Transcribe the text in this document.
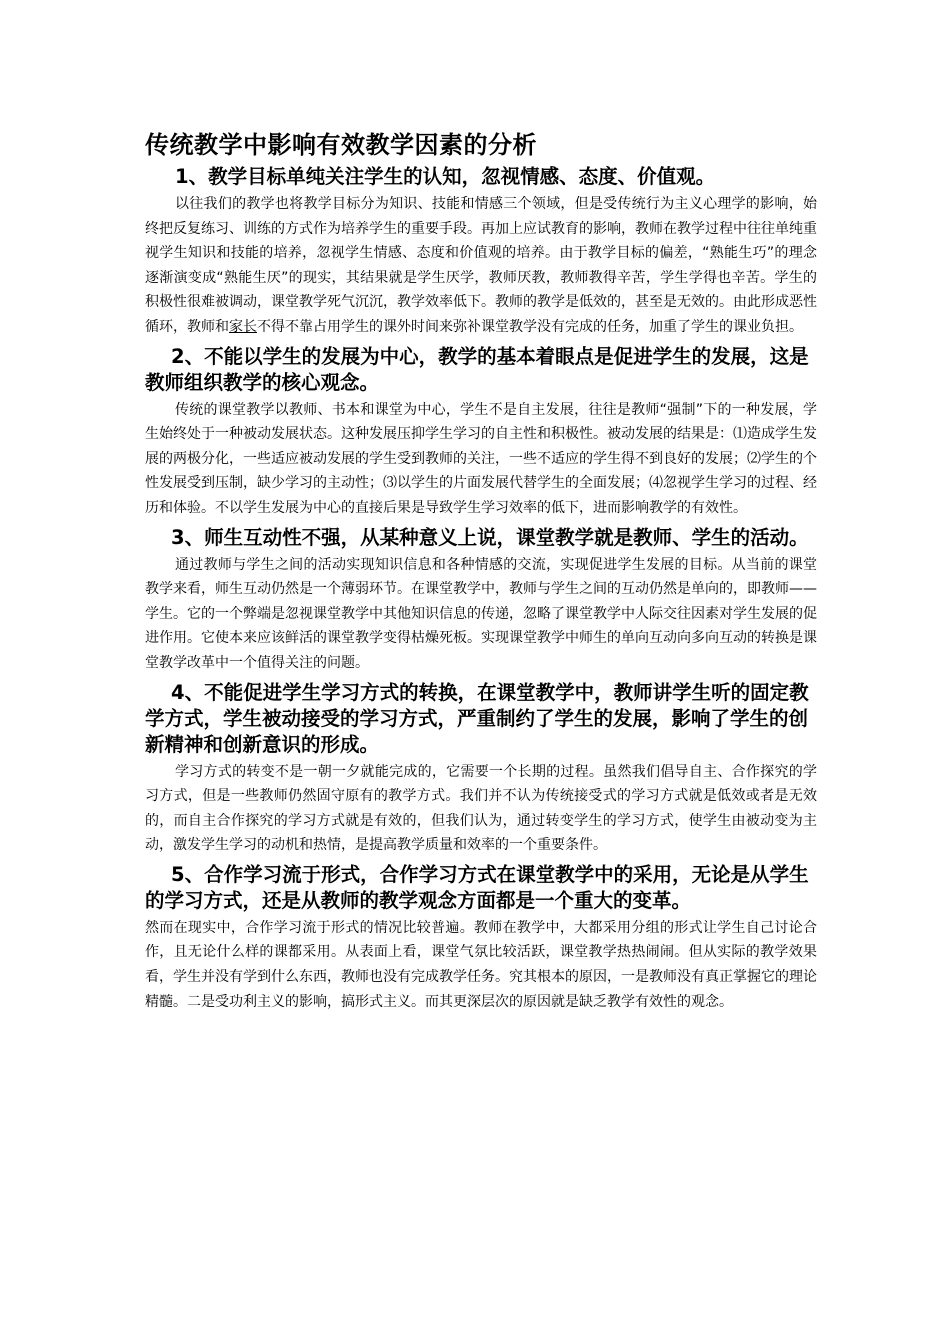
传统教学中影响有效教学因素的分析
1、教学目标单纯关注学生的认知，忽视情感、态度、价值观。

以往我们的教学也将教学目标分为知识、技能和情感三个领域，但是受传统行为主义心理学的影响，始终把反复练习、训练的方式作为培养学生的重要手段。再加上应试教育的影响，教师在教学过程中往往单纯重视学生知识和技能的培养，忽视学生情感、态度和价值观的培养。由于教学目标的偏差，“熟能生巧”的理念逐渐演变成“熟能生厌”的现实，其结果就是学生厌学，教师厌教，教师教得辛苦，学生学得也辛苦。学生的积极性很难被调动，课堂教学死气沉沉，教学效率低下。教师的教学是低效的，甚至是无效的。由此形成恶性循环，教师和家长不得不靠占用学生的课外时间来弥补课堂教学没有完成的任务，加重了学生的课业负担。

2、不能以学生的发展为中心，教学的基本着眼点是促进学生的发展，这是教师组织教学的核心观念。

传统的课堂教学以教师、书本和课堂为中心，学生不是自主发展，往往是教师“强制”下的一种发展，学生始终处于一种被动发展状态。这种发展压抑学生学习的自主性和积极性。被动发展的结果是：⑴造成学生发展的两极分化，一些适应被动发展的学生受到教师的关注，一些不适应的学生得不到良好的发展；⑵学生的个性发展受到压制，缺少学习的主动性；⑶以学生的片面发展代替学生的全面发展；⑷忽视学生学习的过程、经历和体验。不以学生发展为中心的直接后果是导致学生学习效率的低下，进而影响教学的有效性。

3、师生互动性不强，从某种意义上说，课堂教学就是教师、学生的活动。

通过教师与学生之间的活动实现知识信息和各种情感的交流，实现促进学生发展的目标。从当前的课堂教学来看，师生互动仍然是一个薄弱环节。在课堂教学中，教师与学生之间的互动仍然是单向的，即教师——学生。它的一个弊端是忽视课堂教学中其他知识信息的传递，忽略了课堂教学中人际交往因素对学生发展的促进作用。它使本来应该鲜活的课堂教学变得枯燥死板。实现课堂教学中师生的单向互动向多向互动的转换是课堂教学改革中一个值得关注的问题。

4、不能促进学生学习方式的转换，在课堂教学中，教师讲学生听的固定教学方式，学生被动接受的学习方式，严重制约了学生的发展，影响了学生的创新精神和创新意识的形成。

学习方式的转变不是一朝一夕就能完成的，它需要一个长期的过程。虽然我们倡导自主、合作探究的学习方式，但是一些教师仍然固守原有的教学方式。我们并不认为传统接受式的学习方式就是低效或者是无效的，而自主合作探究的学习方式就是有效的，但我们认为，通过转变学生的学习方式，使学生由被动变为主动，激发学生学习的动机和热情，是提高教学质量和效率的一个重要条件。

5、合作学习流于形式，合作学习方式在课堂教学中的采用，无论是从学生的学习方式，还是从教师的教学观念方面都是一个重大的变革。

然而在现实中，合作学习流于形式的情况比较普遍。教师在教学中，大都采用分组的形式让学生自己讨论合作，且无论什么样的课都采用。从表面上看，课堂气氛比较活跃，课堂教学热热闹闹。但从实际的教学效果看，学生并没有学到什么东西，教师也没有完成教学任务。究其根本的原因，一是教师没有真正掌握它的理论精髓。二是受功利主义的影响，搞形式主义。而其更深层次的原因就是缺乏教学有效性的观念。
